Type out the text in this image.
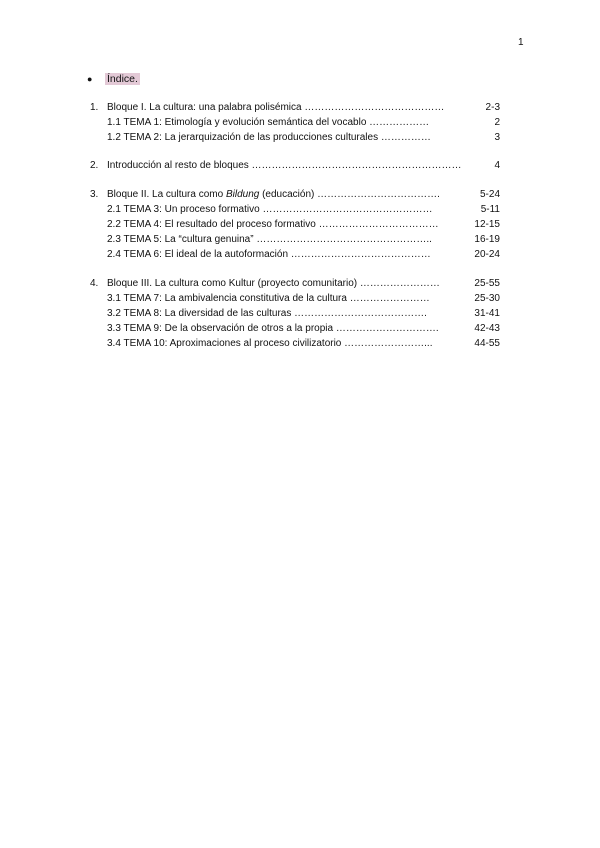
1
● Índice.
1. Bloque I. La cultura: una palabra polisémica ……………………………………	2-3
1.1 TEMA 1: Etimología y evolución semántica del vocablo ………………	2
1.2 TEMA 2: La jerarquización de las producciones culturales ……………	3
2. Introducción al resto de bloques ………………………………………………………	4
3. Bloque II. La cultura como Bildung (educación) ……………………………….	5-24
2.1 TEMA 3: Un proceso formativo ……………………………………………	5-11
2.2 TEMA 4: El resultado del proceso formativo ………………………………	12-15
2.3 TEMA 5: La “cultura genuina” ……………………………………………..	16-19
2.4 TEMA 6: El ideal de la autoformación ……………………………………	20-24
4. Bloque III. La cultura como Kultur (proyecto comunitario) ……………………	25-55
3.1 TEMA 7: La ambivalencia constitutiva de la cultura ……………………	25-30
3.2 TEMA 8: La diversidad de las culturas ………………………………….	31-41
3.3 TEMA 9: De la observación de otros a la propia ………………………….	42-43
3.4 TEMA 10: Aproximaciones al proceso civilizatorio ……………………...	44-55
